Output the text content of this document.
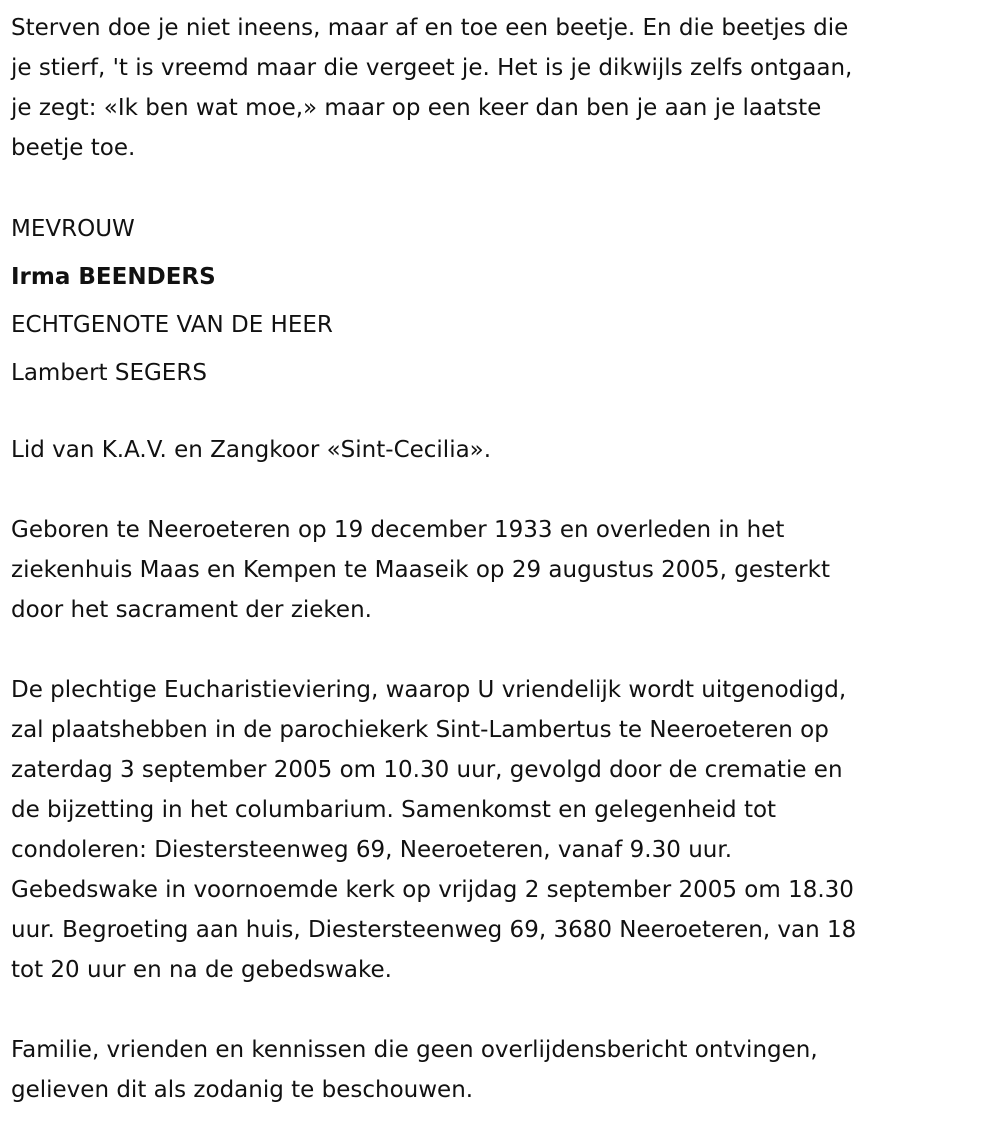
Sterven doe je niet ineens, maar af en toe een beetje. En die beetjes die
je stierf, 't is vreemd maar die vergeet je. Het is je dikwijls zelfs ontgaan,
je zegt: «Ik ben wat moe,» maar op een keer dan ben je aan je laatste
beetje toe.
MEVROUW
Irma BEENDERS
ECHTGENOTE VAN DE HEER
Lambert SEGERS
Lid van K.A.V. en Zangkoor «Sint-Cecilia».
Geboren te Neeroeteren op 19 december 1933 en overleden in het
ziekenhuis Maas en Kempen te Maaseik op 29 augustus 2005, gesterkt
door het sacrament der zieken.
De plechtige Eucharistieviering, waarop U vriendelijk wordt uitgenodigd,
zal plaatshebben in de parochiekerk Sint-Lambertus te Neeroeteren op
zaterdag 3 september 2005 om 10.30 uur, gevolgd door de crematie en
de bijzetting in het columbarium. Samenkomst en gelegenheid tot
condoleren: Diestersteenweg 69, Neeroeteren, vanaf 9.30 uur.
Gebedswake in voornoemde kerk op vrijdag 2 september 2005 om 18.30
uur. Begroeting aan huis, Diestersteenweg 69, 3680 Neeroeteren, van 18
tot 20 uur en na de gebedswake.
Familie, vrienden en kennissen die geen overlijdensbericht ontvingen,
gelieven dit als zodanig te beschouwen.
